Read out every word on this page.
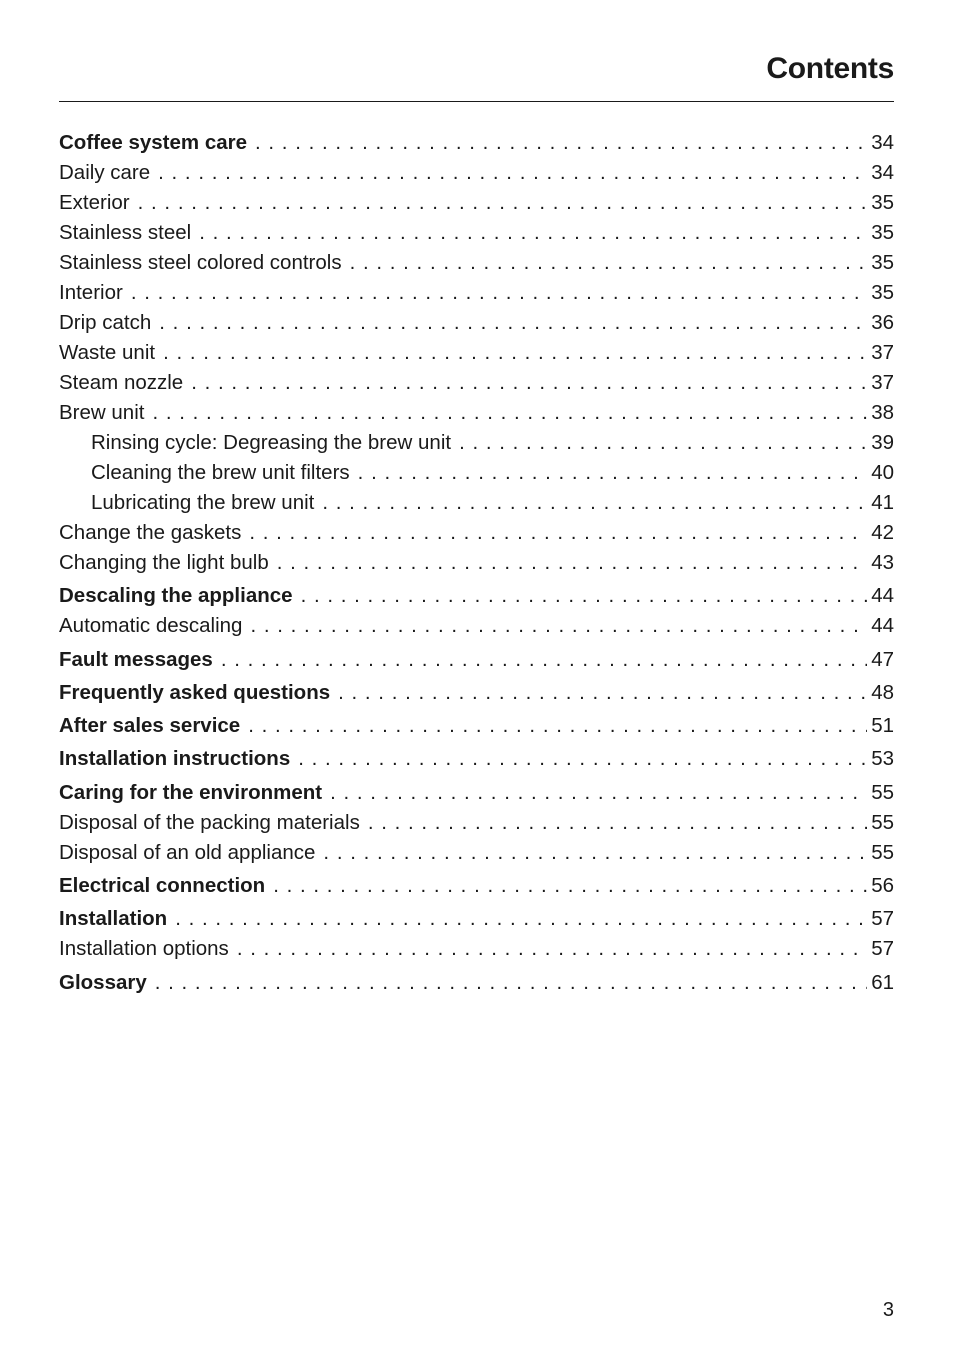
Contents
Coffee system care . . .	34
Daily care . . .	34
Exterior . . .	35
Stainless steel . . .	35
Stainless steel colored controls . . .	35
Interior . . .	35
Drip catch . . .	36
Waste unit . . .	37
Steam nozzle . . .	37
Brew unit . . .	38
Rinsing cycle: Degreasing the brew unit . . .	39
Cleaning the brew unit filters . . .	40
Lubricating the brew unit . . .	41
Change the gaskets . . .	42
Changing the light bulb . . .	43
Descaling the appliance . . .	44
Automatic descaling . . .	44
Fault messages . . .	47
Frequently asked questions . . .	48
After sales service . . .	51
Installation instructions . . .	53
Caring for the environment . . .	55
Disposal of the packing materials . . .	55
Disposal of an old appliance . . .	55
Electrical connection . . .	56
Installation . . .	57
Installation options . . .	57
Glossary . . .	61
3
